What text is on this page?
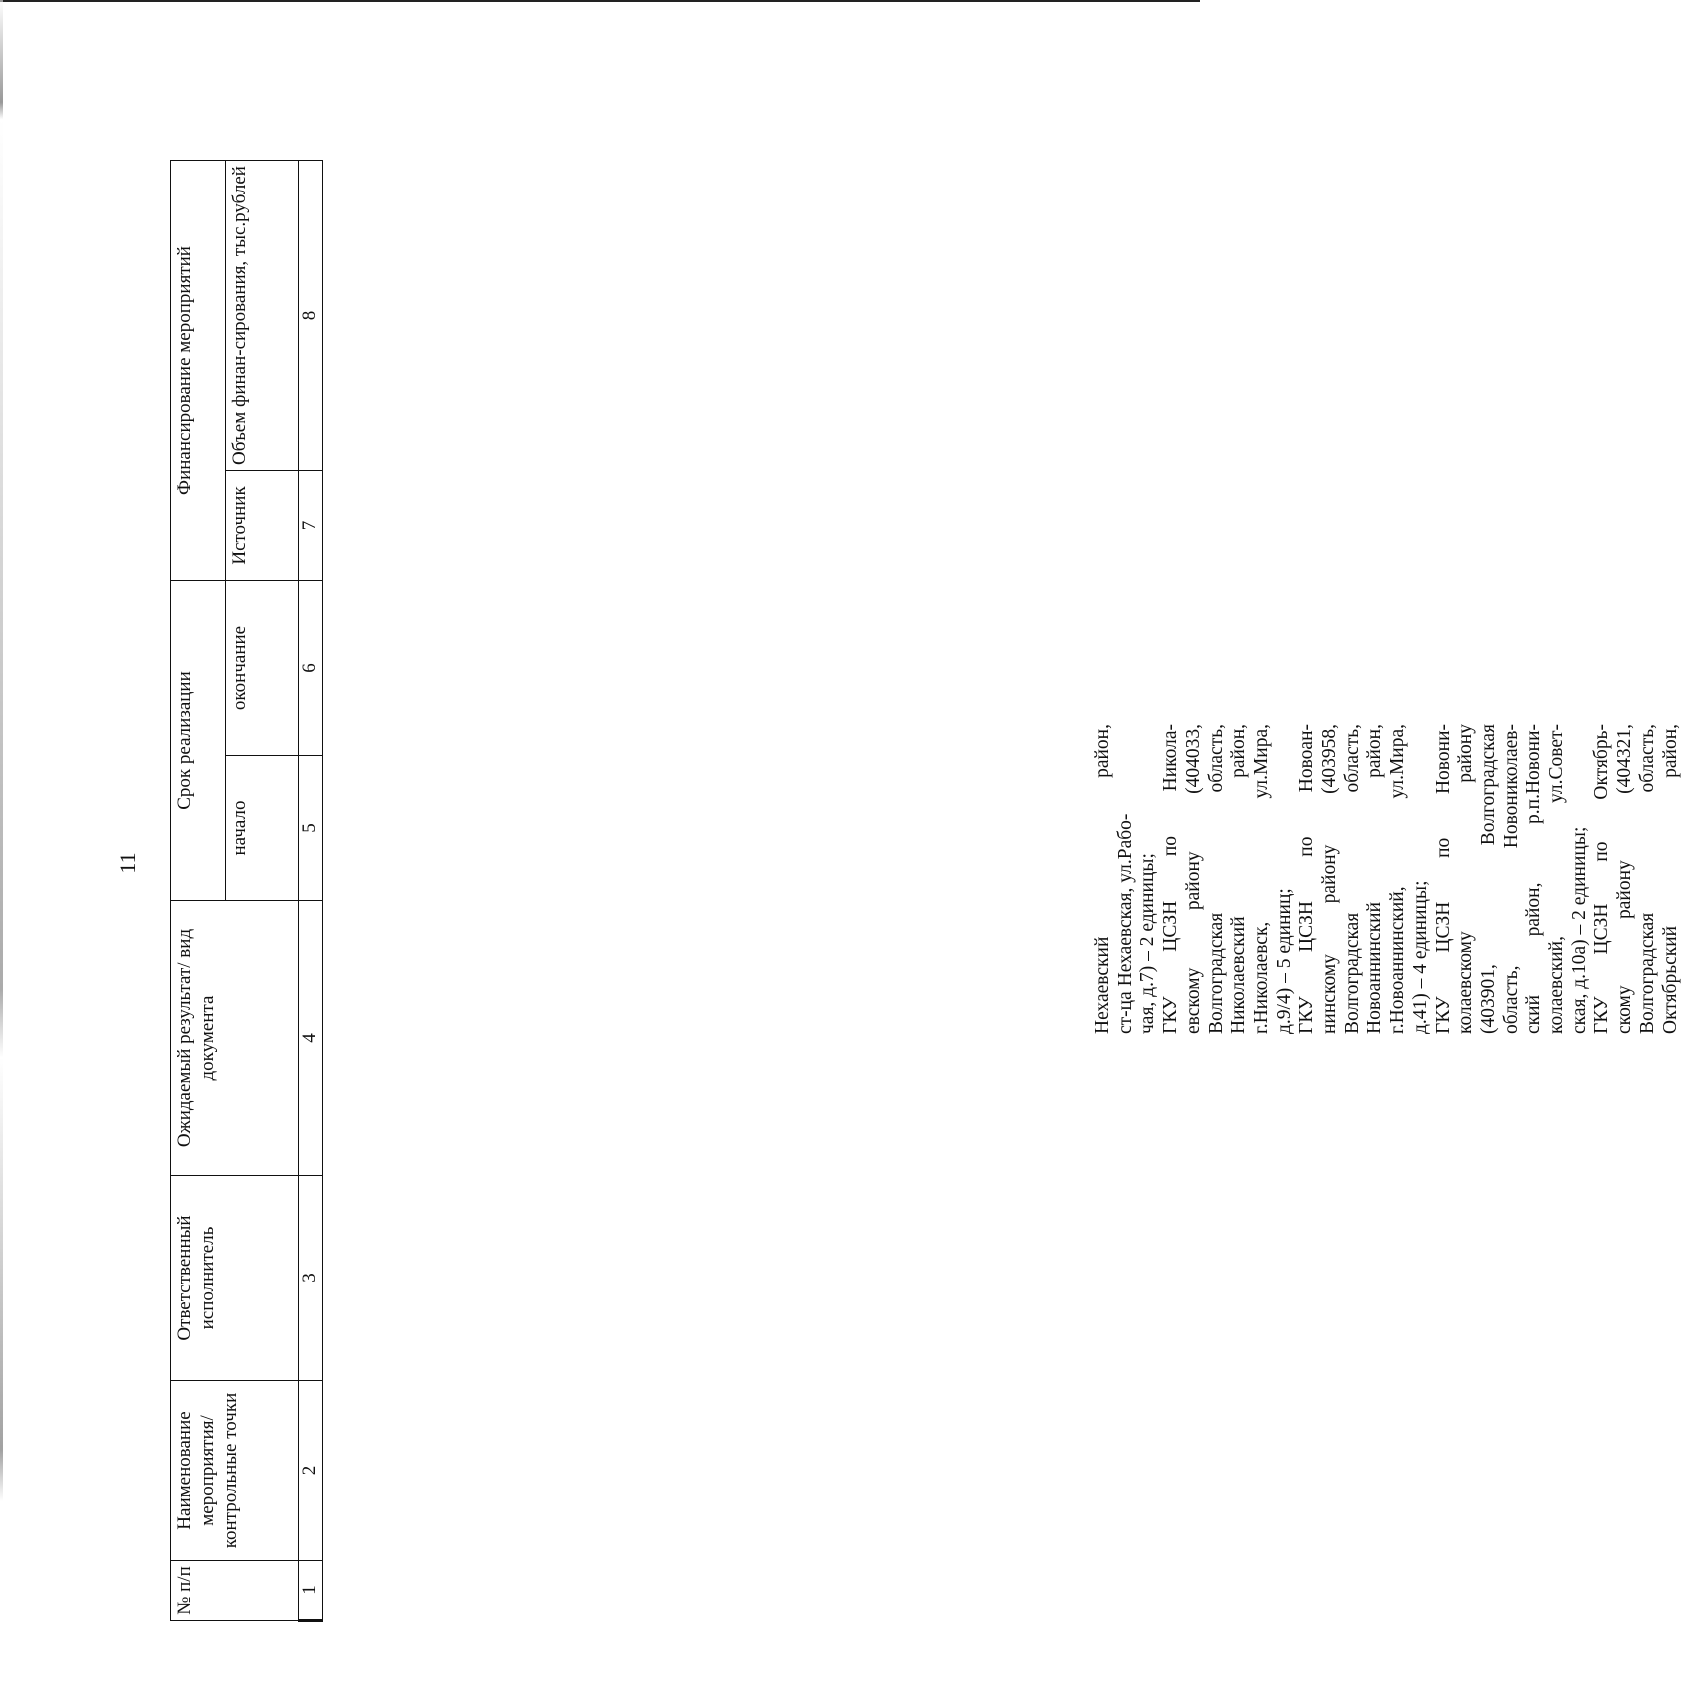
11
№ п/п	Наименование мероприятия/ контрольные точки	Ответственный исполнитель	Ожидаемый результат/ вид документа	Срок реализации		Финансирование мероприятий	
				начало	окончание	Источник	Объем финан-сирования, тыс.рублей
1	2	3	4	5	6	7	8
Нехаевский район, ст-ца Нехаевская, ул.Рабо- чая, д.7) – 2 единицы; ГКУ ЦСЗН по Никола- евскому району (404033, Волгоградская область, Николаевский район, г.Николаевск, ул.Мира, д.9/4) – 5 единиц; ГКУ ЦСЗН по Новоан- нинскому району (403958, Волгоградская область, Новоаннинский район, г.Новоаннинский, ул.Мира, д.41) – 4 единицы; ГКУ ЦСЗН по Новони- колаевскому району (403901, Волгоградская область, Новониколаев- ский район, р.п.Новони- колаевский, ул.Совет- ская, д.10а) – 2 единицы; ГКУ ЦСЗН по Октябрь- скому району (404321, Волгоградская область, Октябрьский район,
